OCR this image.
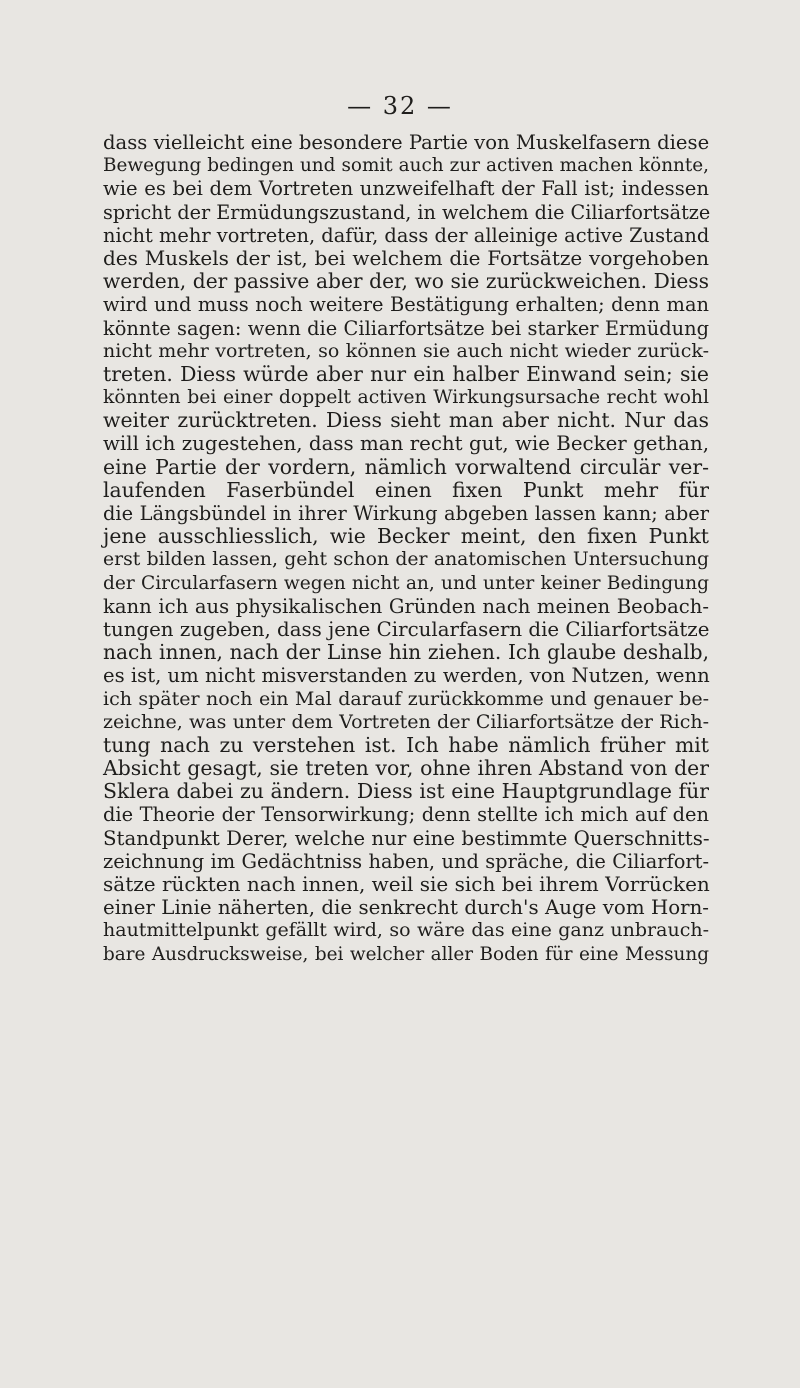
— 32 —
dass vielleicht eine besondere Partie von Muskelfasern diese
Bewegung bedingen und somit auch zur activen machen könnte,
wie es bei dem Vortreten unzweifelhaft der Fall ist; indessen
spricht der Ermüdungszustand, in welchem die Ciliarfortsätze
nicht mehr vortreten, dafür, dass der alleinige active Zustand
des Muskels der ist, bei welchem die Fortsätze vorgehoben
werden, der passive aber der, wo sie zurückweichen. Diess
wird und muss noch weitere Bestätigung erhalten; denn man
könnte sagen: wenn die Ciliarfortsätze bei starker Ermüdung
nicht mehr vortreten, so können sie auch nicht wieder zurück-
treten. Diess würde aber nur ein halber Einwand sein; sie
könnten bei einer doppelt activen Wirkungsursache recht wohl
weiter zurücktreten. Diess sieht man aber nicht. Nur das
will ich zugestehen, dass man recht gut, wie Becker gethan,
eine Partie der vordern, nämlich vorwaltend circulär ver-
laufenden Faserbündel einen fixen Punkt mehr für
die Längsbündel in ihrer Wirkung abgeben lassen kann; aber
jene ausschliesslich, wie Becker meint, den fixen Punkt
erst bilden lassen, geht schon der anatomischen Untersuchung
der Circularfasern wegen nicht an, und unter keiner Bedingung
kann ich aus physikalischen Gründen nach meinen Beobach-
tungen zugeben, dass jene Circularfasern die Ciliarfortsätze
nach innen, nach der Linse hin ziehen. Ich glaube deshalb,
es ist, um nicht misverstanden zu werden, von Nutzen, wenn
ich später noch ein Mal darauf zurückkomme und genauer be-
zeichne, was unter dem Vortreten der Ciliarfortsätze der Rich-
tung nach zu verstehen ist. Ich habe nämlich früher mit
Absicht gesagt, sie treten vor, ohne ihren Abstand von der
Sklera dabei zu ändern. Diess ist eine Hauptgrundlage für
die Theorie der Tensorwirkung; denn stellte ich mich auf den
Standpunkt Derer, welche nur eine bestimmte Querschnitts-
zeichnung im Gedächtniss haben, und spräche, die Ciliarfort-
sätze rückten nach innen, weil sie sich bei ihrem Vorrücken
einer Linie näherten, die senkrecht durch's Auge vom Horn-
hautmittelpunkt gefällt wird, so wäre das eine ganz unbrauch-
bare Ausdrucksweise, bei welcher aller Boden für eine Messung
